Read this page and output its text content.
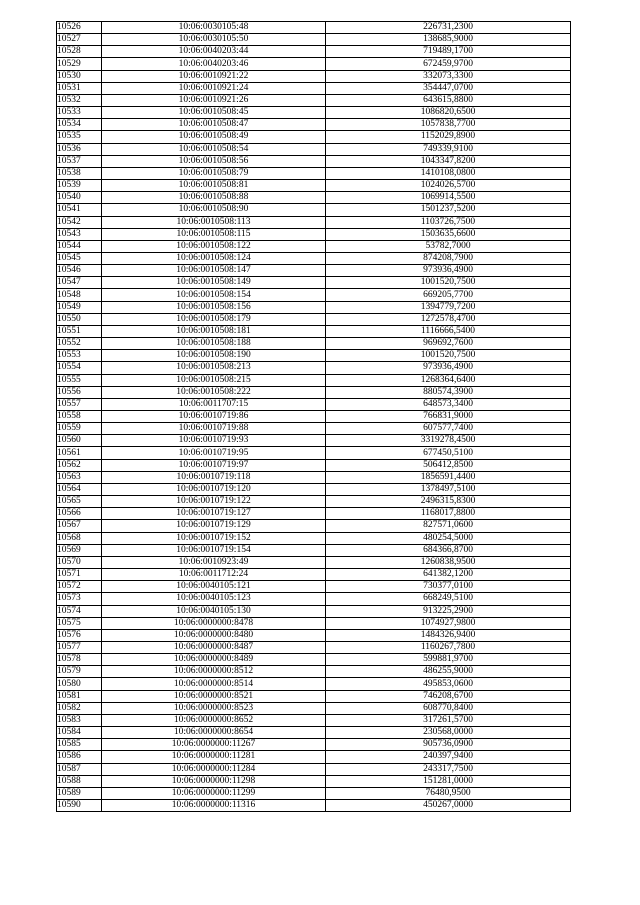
10526	10:06:0030105:48	226731,2300
10527	10:06:0030105:50	138685,9000
10528	10:06:0040203:44	719489,1700
10529	10:06:0040203:46	672459,9700
10530	10:06:0010921:22	332073,3300
10531	10:06:0010921:24	354447,0700
10532	10:06:0010921:26	643615,8800
10533	10:06:0010508:45	1086820,6500
10534	10:06:0010508:47	1057838,7700
10535	10:06:0010508:49	1152029,8900
10536	10:06:0010508:54	749339,9100
10537	10:06:0010508:56	1043347,8200
10538	10:06:0010508:79	1410108,0800
10539	10:06:0010508:81	1024026,5700
10540	10:06:0010508:88	1069914,5500
10541	10:06:0010508:90	1501237,5200
10542	10:06:0010508:113	1103726,7500
10543	10:06:0010508:115	1503635,6600
10544	10:06:0010508:122	53782,7000
10545	10:06:0010508:124	874208,7900
10546	10:06:0010508:147	973936,4900
10547	10:06:0010508:149	1001520,7500
10548	10:06:0010508:154	669205,7700
10549	10:06:0010508:156	1394779,7200
10550	10:06:0010508:179	1272578,4700
10551	10:06:0010508:181	1116666,5400
10552	10:06:0010508:188	969692,7600
10553	10:06:0010508:190	1001520,7500
10554	10:06:0010508:213	973936,4900
10555	10:06:0010508:215	1268364,6400
10556	10:06:0010508:222	880574,3900
10557	10:06:0011707:15	648573,3400
10558	10:06:0010719:86	766831,9000
10559	10:06:0010719:88	607577,7400
10560	10:06:0010719:93	3319278,4500
10561	10:06:0010719:95	677450,5100
10562	10:06:0010719:97	506412,8500
10563	10:06:0010719:118	1856591,4400
10564	10:06:0010719:120	1378497,5100
10565	10:06:0010719:122	2496315,8300
10566	10:06:0010719:127	1168017,8800
10567	10:06:0010719:129	827571,0600
10568	10:06:0010719:152	480254,5000
10569	10:06:0010719:154	684366,8700
10570	10:06:0010923:49	1260838,9500
10571	10:06:0011712:24	641382,1200
10572	10:06:0040105:121	730377,0100
10573	10:06:0040105:123	668249,5100
10574	10:06:0040105:130	913225,2900
10575	10:06:0000000:8478	1074927,9800
10576	10:06:0000000:8480	1484326,9400
10577	10:06:0000000:8487	1160267,7800
10578	10:06:0000000:8489	599881,9700
10579	10:06:0000000:8512	486255,9000
10580	10:06:0000000:8514	495853,0600
10581	10:06:0000000:8521	746208,6700
10582	10:06:0000000:8523	608770,8400
10583	10:06:0000000:8652	317261,5700
10584	10:06:0000000:8654	230568,0000
10585	10:06:0000000:11267	905736,0900
10586	10:06:0000000:11281	240397,9400
10587	10:06:0000000:11284	243317,7500
10588	10:06:0000000:11298	151281,0000
10589	10:06:0000000:11299	76480,9500
10590	10:06:0000000:11316	450267,0000
